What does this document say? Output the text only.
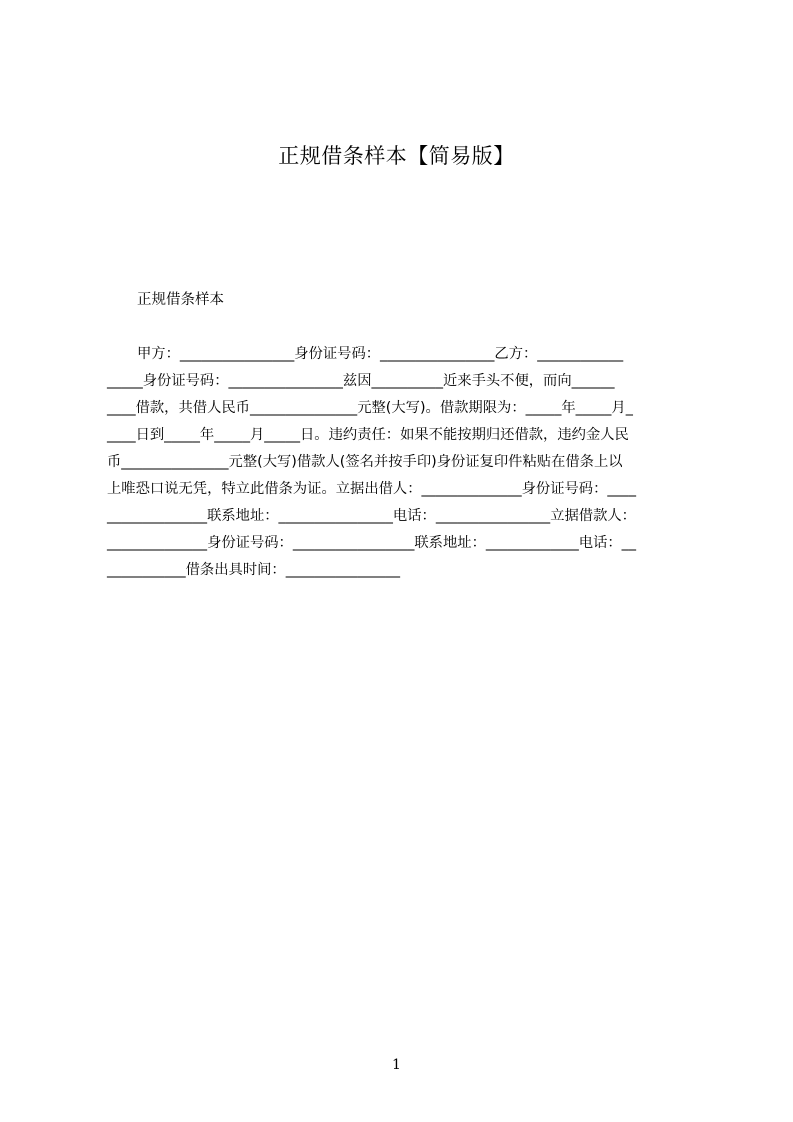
正规借条样本【简易版】
正规借条样本
甲方：________________身份证号码：________________乙方：____________
_____身份证号码：________________兹因__________近来手头不便，而向______
____借款，共借人民币_______________元整(大写)。借款期限为：_____年_____月_
____日到_____年_____月_____日。违约责任：如果不能按期归还借款，违约金人民
币_______________元整(大写)借款人(签名并按手印)身份证复印件粘贴在借条上以
上唯恐口说无凭，特立此借条为证。立据出借人：______________身份证号码：____
______________联系地址：________________电话：________________立据借款人：
______________身份证号码：_________________联系地址：_____________电话：__
___________借条出具时间：________________
1
